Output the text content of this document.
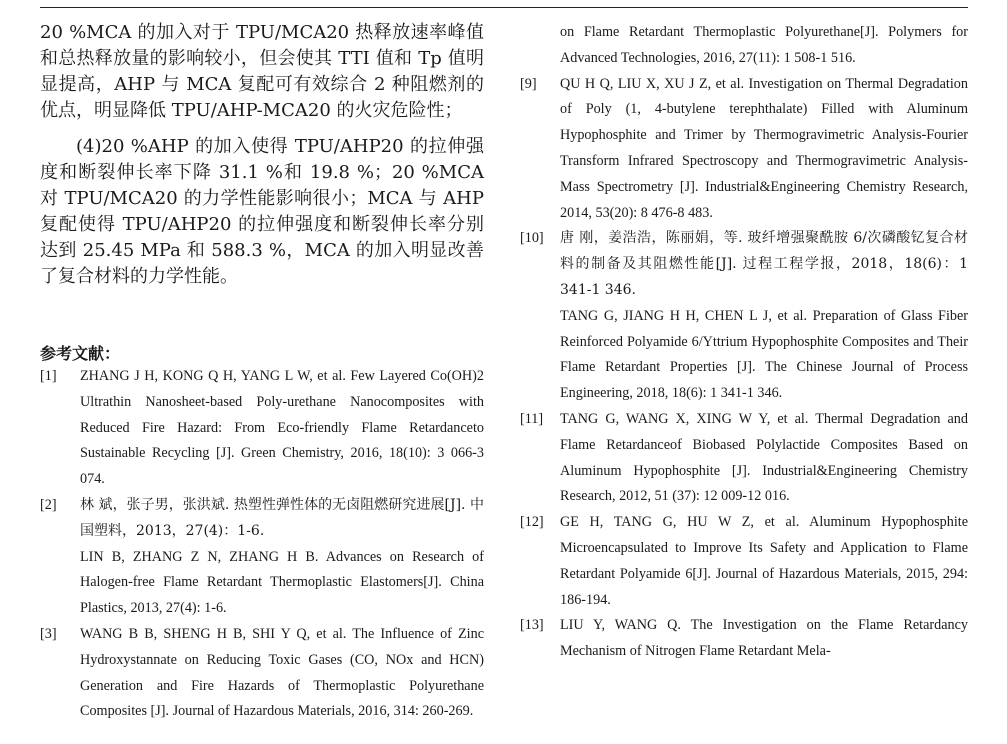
20 %MCA 的加入对于 TPU/MCA20 热释放速率峰值和总热释放量的影响较小，但会使其 TTI 值和 Tp 值明显提高，AHP 与 MCA 复配可有效综合 2 种阻燃剂的优点，明显降低 TPU/AHP-MCA20 的火灾危险性；

(4)20 %AHP 的加入使得 TPU/AHP20 的拉伸强度和断裂伸长率下降 31.1 %和 19.8 %；20 %MCA 对 TPU/MCA20 的力学性能影响很小；MCA 与 AHP 复配使得 TPU/AHP20 的拉伸强度和断裂伸长率分别达到 25.45 MPa 和 588.3 %，MCA 的加入明显改善了复合材料的力学性能。

参考文献：
[1]	ZHANG J H, KONG Q H, YANG L W, et al. Few Layered Co(OH)2 Ultrathin Nanosheet-based Poly-urethane Nanocomposites with Reduced Fire Hazard: From Eco-friendly Flame Retardanceto Sustainable Recycling [J]. Green Chemistry, 2016, 18(10): 3 066-3 074.

[2]	林 斌，张子男，张洪斌. 热塑性弹性体的无卤阻燃研究进展[J]. 中国塑料，2013，27(4)：1-6.

LIN B, ZHANG Z N, ZHANG H B. Advances on Research of Halogen-free Flame Retardant Thermoplastic Elastomers[J]. China Plastics, 2013, 27(4): 1-6.

[3]	WANG B B, SHENG H B, SHI Y Q, et al. The Influence of Zinc Hydroxystannate on Reducing Toxic Gases (CO, NOx and HCN) Generation and Fire Hazards of Thermoplastic Polyurethane Composites [J]. Journal of Hazardous Materials, 2016, 314: 260-269.

on Flame Retardant Thermoplastic Polyurethane[J]. Polymers for Advanced Technologies, 2016, 27(11): 1 508-1 516.

[9]	QU H Q, LIU X, XU J Z, et al. Investigation on Thermal Degradation of Poly (1, 4-butylene terephthalate) Filled with Aluminum Hypophosphite and Trimer by Thermogravimetric Analysis-Fourier Transform Infrared Spectroscopy and Thermogravimetric Analysis-Mass Spectrometry [J]. Industrial&Engineering Chemistry Research, 2014, 53(20): 8 476-8 483.

[10]	唐 刚，姜浩浩，陈丽娟，等. 玻纤增强聚酰胺 6/次磷酸钇复合材料的制备及其阻燃性能[J]. 过程工程学报，2018，18(6)：1 341-1 346.

TANG G, JIANG H H, CHEN L J, et al. Preparation of Glass Fiber Reinforced Polyamide 6/Yttrium Hypophosphite Composites and Their Flame Retardant Properties [J]. The Chinese Journal of Process Engineering, 2018, 18(6): 1 341-1 346.

[11]	TANG G, WANG X, XING W Y, et al. Thermal Degradation and Flame Retardanceof Biobased Polylactide Composites Based on Aluminum Hypophosphite [J]. Industrial&Engineering Chemistry Research, 2012, 51 (37): 12 009-12 016.

[12]	GE H, TANG G, HU W Z, et al. Aluminum Hypophosphite Microencapsulated to Improve Its Safety and Application to Flame Retardant Polyamide 6[J]. Journal of Hazardous Materials, 2015, 294: 186-194.

[13]	LIU Y, WANG Q. The Investigation on the Flame Retardancy Mechanism of Nitrogen Flame Retardant Mela-
